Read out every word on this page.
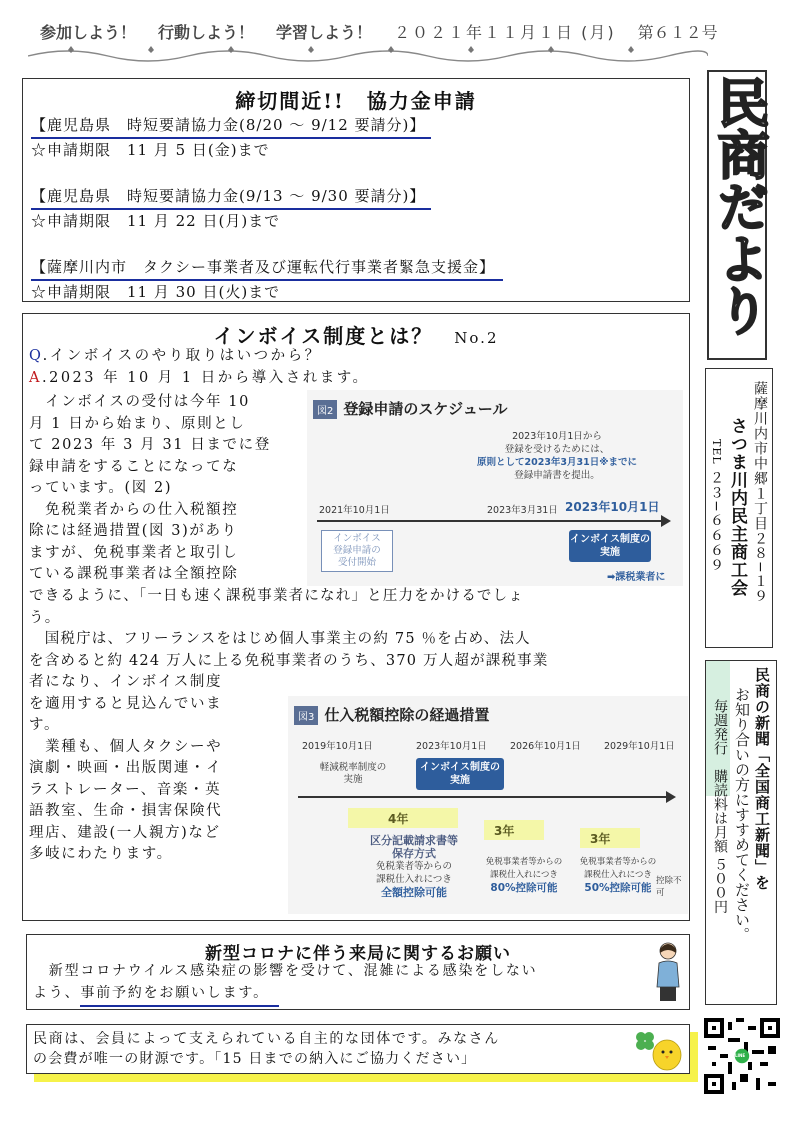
参加しよう！ 行動しよう！ 学習しよう！ ２０２１年１１月１日 (月) 第６１２号
民商だより
薩摩川内市中郷１丁目２８−１９
さつま川内民主商工会
TEL ２３−６６６９
民商の新聞「全国商工新聞」を
お知り合いの方にすすめてください。
毎週発行　購読料は月額 ５００円
LINE
締切間近!!　協力金申請
【鹿児島県　時短要請協力金(8/20 ～ 9/12 要請分)】
☆申請期限　11 月 5 日(金)まで
【鹿児島県　時短要請協力金(9/13 ～ 9/30 要請分)】
☆申請期限　11 月 22 日(月)まで
【薩摩川内市　タクシー事業者及び運転代行事業者緊急支援金】
☆申請期限　11 月 30 日(火)まで
インボイス制度とは？ No.2
Q.インボイスのやり取りはいつから？
A.2023 年 10 月 1 日から導入されます。
　インボイスの受付は今年 10
月 1 日から始まり、原則とし
て 2023 年 3 月 31 日までに登
録申請をすることになってな
っています。(図 2)
　免税業者からの仕入税額控
除には経過措置(図 3)があり
ますが、免税事業者と取引し
ている課税事業者は全額控除
できるように、「一日も速く課税事業者になれ」と圧力をかけるでしょ
う。
　国税庁は、フリーランスをはじめ個人事業主の約 75 ％を占め、法人
を含めると約 424 万人に上る免税事業者のうち、370 万人超が課税事業
者になり、インボイス制度
を適用すると見込んでいま
す。
　業種も、個人タクシーや
演劇・映画・出版関連・イ
ラストレーター、音楽・英
語教室、生命・損害保険代
理店、建設(一人親方)など
多岐にわたります。
図2 登録申請のスケジュール
2023年10月1日から
登録を受けるためには、
原則として2023年3月31日※までに
登録申請書を提出。
2021年10月1日	2023年3月31日 2023年10月1日
インボイス
登録申請の
受付開始
インボイス制度の
実施
➡課税業者に
図3 仕入税額控除の経過措置
2019年10月1日	2023年10月1日 2026年10月1日 2029年10月1日
軽減税率制度の
実施
インボイス制度の
実施
4年
区分記載請求書等
保存方式
免税業者等からの
課税仕入れにつき
全額控除可能
3年
免税事業者等からの
課税仕入れにつき
80%控除可能
3年
免税事業者等からの
課税仕入れにつき
50%控除可能
控除不可
新型コロナに伴う来局に関するお願い
　新型コロナウイルス感染症の影響を受けて、混雑による感染をしない
よう、事前予約をお願いします。
民商は、会員によって支えられている自主的な団体です。みなさん
の会費が唯一の財源です。「15 日までの納入にご協力ください」
